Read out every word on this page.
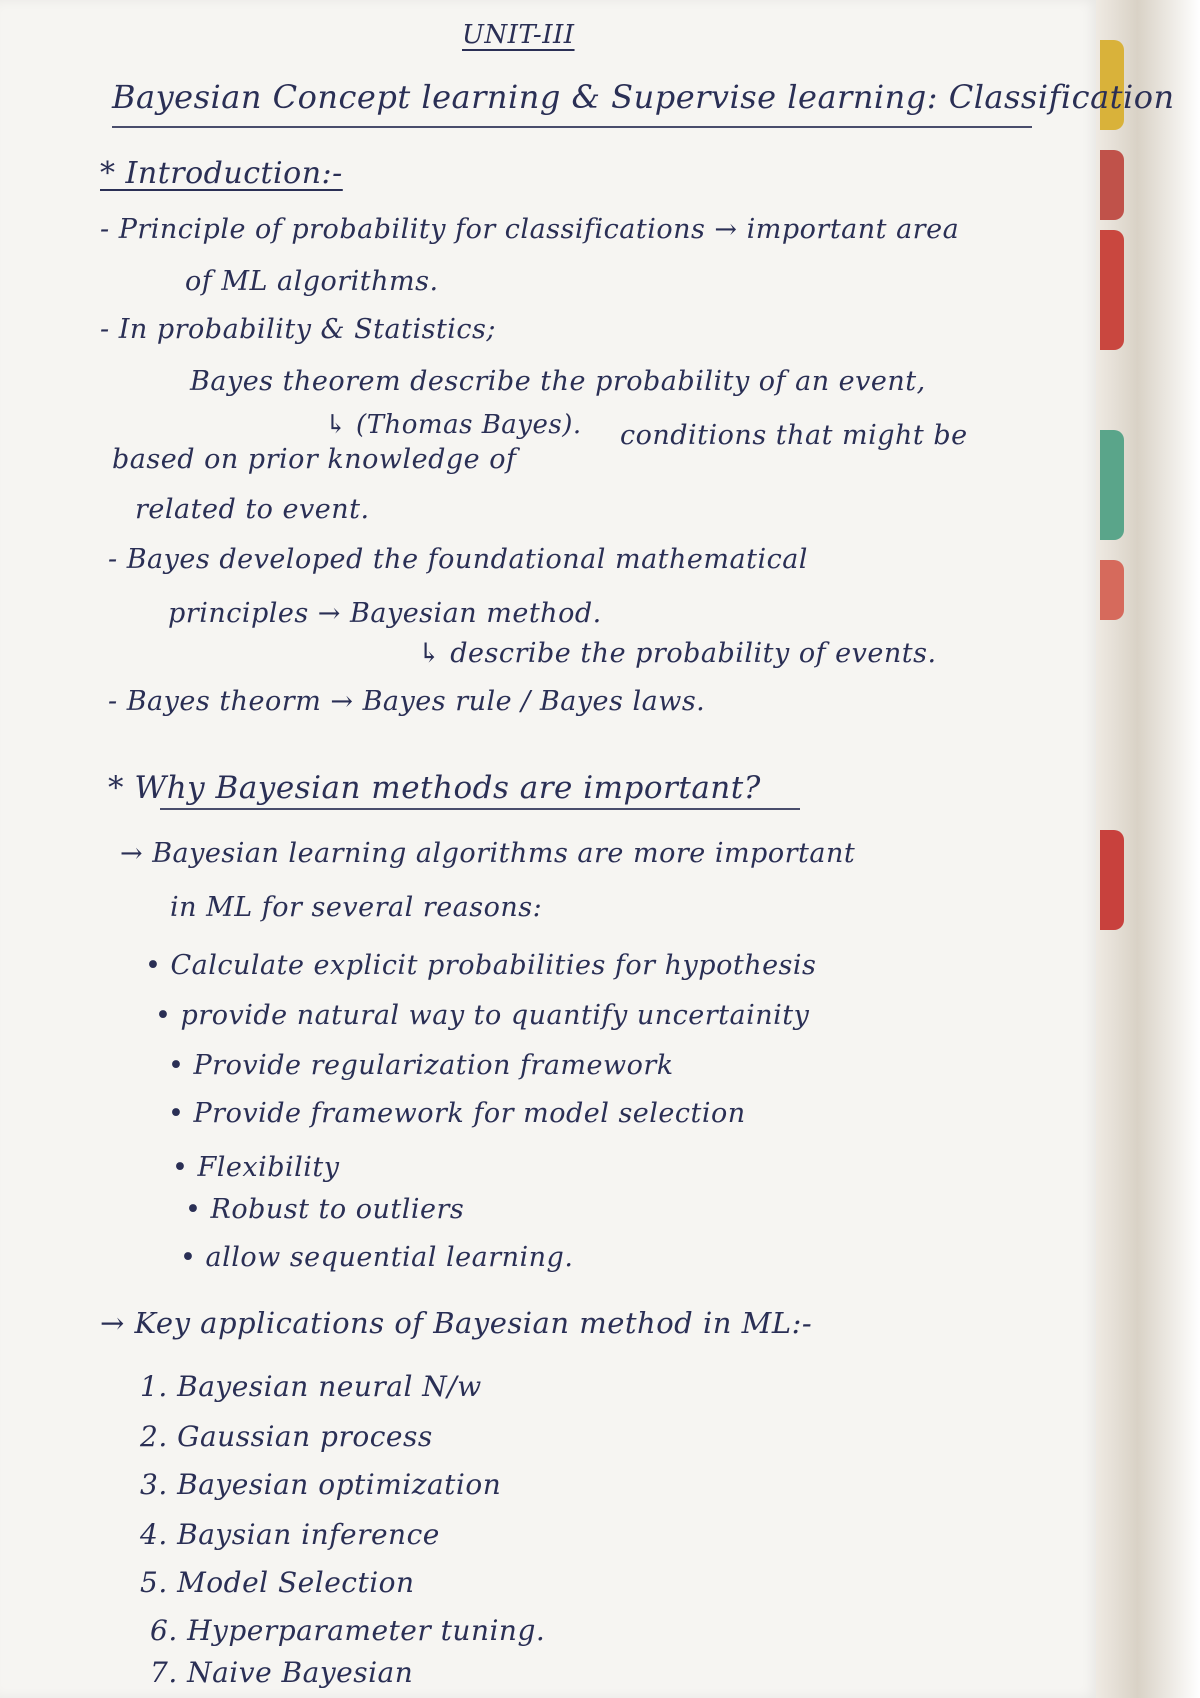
UNIT-III
Bayesian Concept learning & Supervise learning: Classification
* Introduction:-
- Principle of probability for classifications → important area
of ML algorithms.
- In probability & Statistics;
Bayes theorem describe the probability of an event,
↳ (Thomas Bayes). conditions that might be
based on prior knowledge of
related to event.
- Bayes developed the foundational mathematical
principles → Bayesian method.
↳ describe the probability of events.
- Bayes theorm → Bayes rule / Bayes laws.
* Why Bayesian methods are important?
→ Bayesian learning algorithms are more important
in ML for several reasons:
• Calculate explicit probabilities for hypothesis
• provide natural way to quantify uncertainity
• Provide regularization framework
• Provide framework for model selection
• Flexibility
• Robust to outliers
• allow sequential learning.
→ Key applications of Bayesian method in ML:-
1. Bayesian neural N/w
2. Gaussian process
3. Bayesian optimization
4. Baysian inference
5. Model Selection
6. Hyperparameter tuning.
7. Naive Bayesian
